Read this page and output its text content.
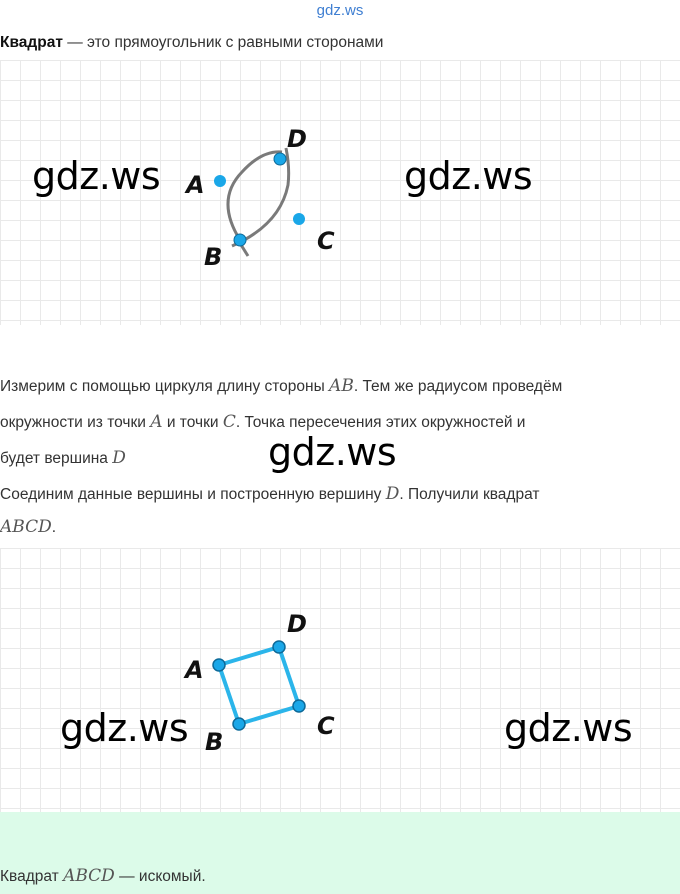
gdz.ws
Квадрат — это прямоугольник с равными сторонами
A
B
C
D
gdz.ws	gdz.ws
Измерим с помощью циркуля длину стороны AB. Тем же радиусом проведём
окружности из точки A и точки C. Точка пересечения этих окружностей и
будет вершина D
Соединим данные вершины и построенную вершину D. Получили квадрат
ABCD.
gdz.ws
A
B
C
D
gdz.ws	gdz.ws
Квадрат ABCD — искомый.
